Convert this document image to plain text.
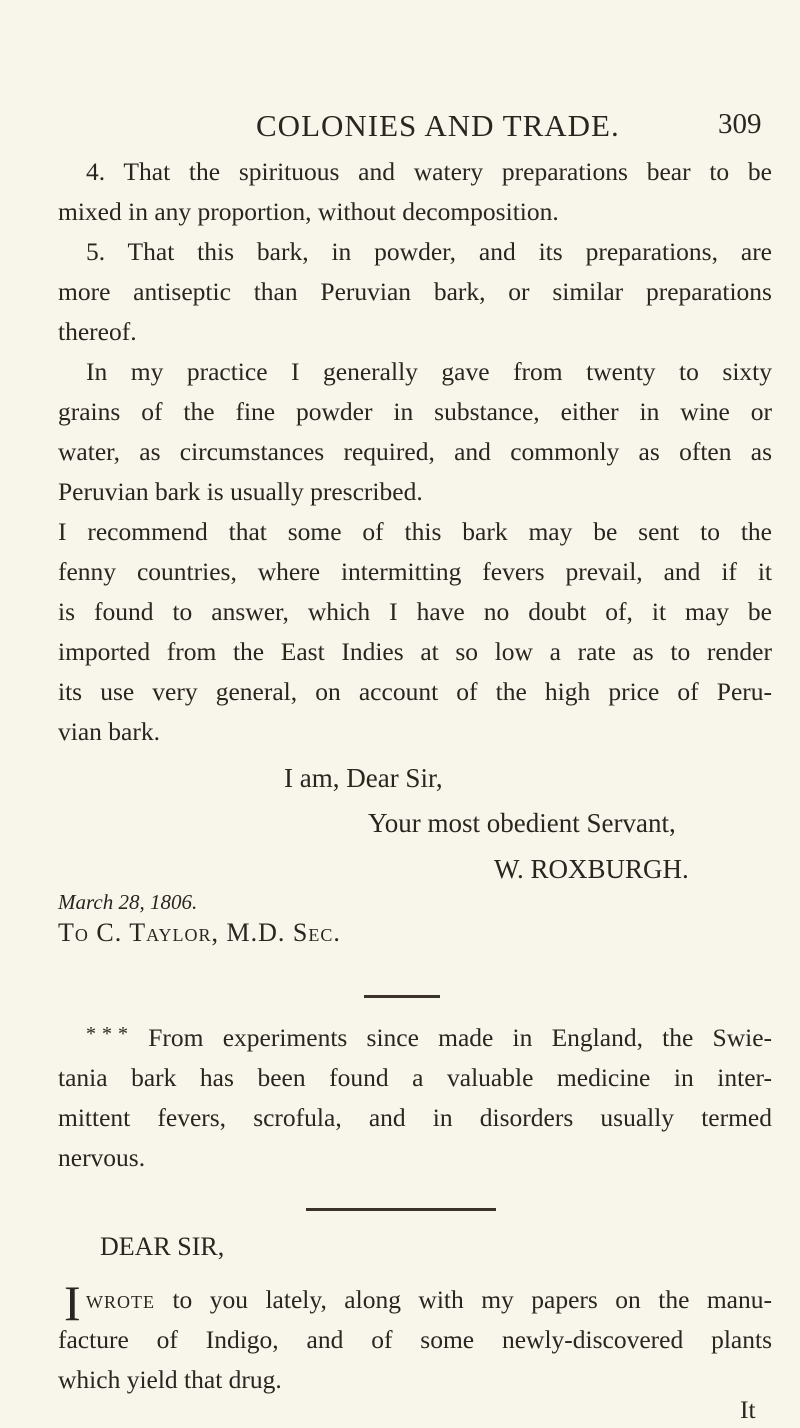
COLONIES AND TRADE.	309
4. That the spirituous and watery preparations bear to be
mixed in any proportion, without decomposition.
5. That this bark, in powder, and its preparations, are
more antiseptic than Peruvian bark, or similar preparations
thereof.
In my practice I generally gave from twenty to sixty
grains of the fine powder in substance, either in wine or
water, as circumstances required, and commonly as often as
Peruvian bark is usually prescribed.
I recommend that some of this bark may be sent to the
fenny countries, where intermitting fevers prevail, and if it
is found to answer, which I have no doubt of, it may be
imported from the East Indies at so low a rate as to render
its use very general, on account of the high price of Peru-
vian bark.
I am, Dear Sir,
Your most obedient Servant,
W. ROXBURGH.
March 28, 1806.
To C. Taylor, M.D. Sec.
* * * From experiments since made in England, the Swie-
tania bark has been found a valuable medicine in inter-
mittent fevers, scrofula, and in disorders usually termed
nervous.
DEAR SIR,
I wrote to you lately, along with my papers on the manu-
facture of Indigo, and of some newly-discovered plants
which yield that drug.
It
